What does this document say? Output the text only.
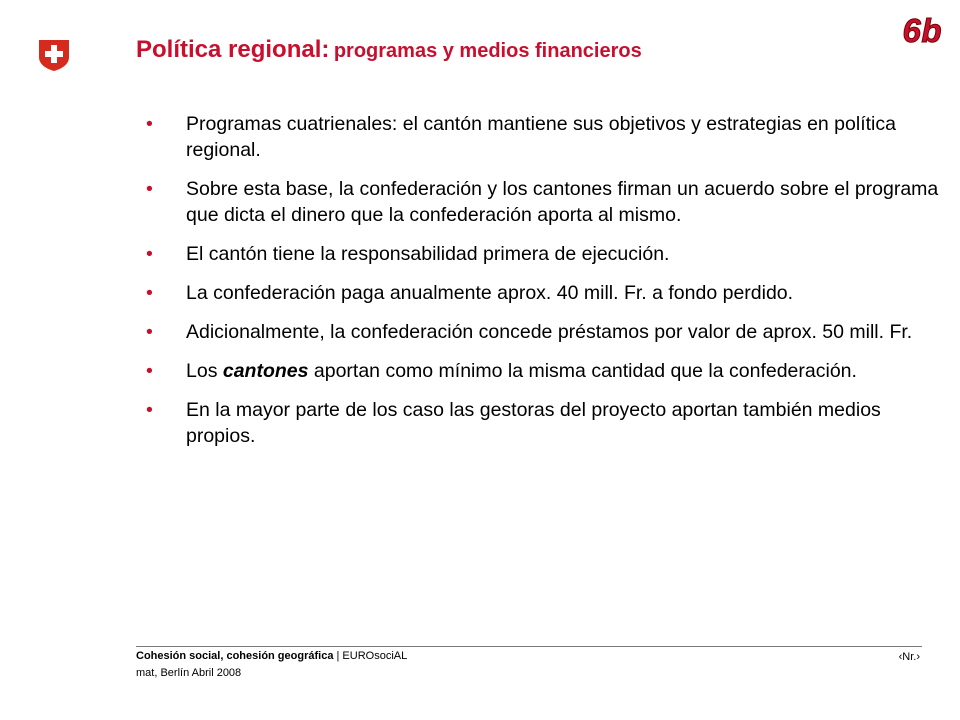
Política regional: programas y medios financieros
6b
• Programas cuatrienales: el cantón mantiene sus objetivos y estrategias en política regional.
• Sobre esta base, la confederación y los cantones firman un acuerdo sobre el programa que dicta el dinero que la confederación aporta al mismo.
• El cantón tiene la responsabilidad primera de ejecución.
• La confederación paga anualmente aprox. 40 mill. Fr. a fondo perdido.
• Adicionalmente, la confederación concede préstamos por valor de aprox. 50 mill. Fr.
• Los cantones aportan como mínimo la misma cantidad que la confederación.
• En la mayor parte de los caso las gestoras del proyecto aportan también medios propios.
Cohesión social, cohesión geográfica | EUROsociAL
mat, Berlín Abril 2008
‹Nr.›
